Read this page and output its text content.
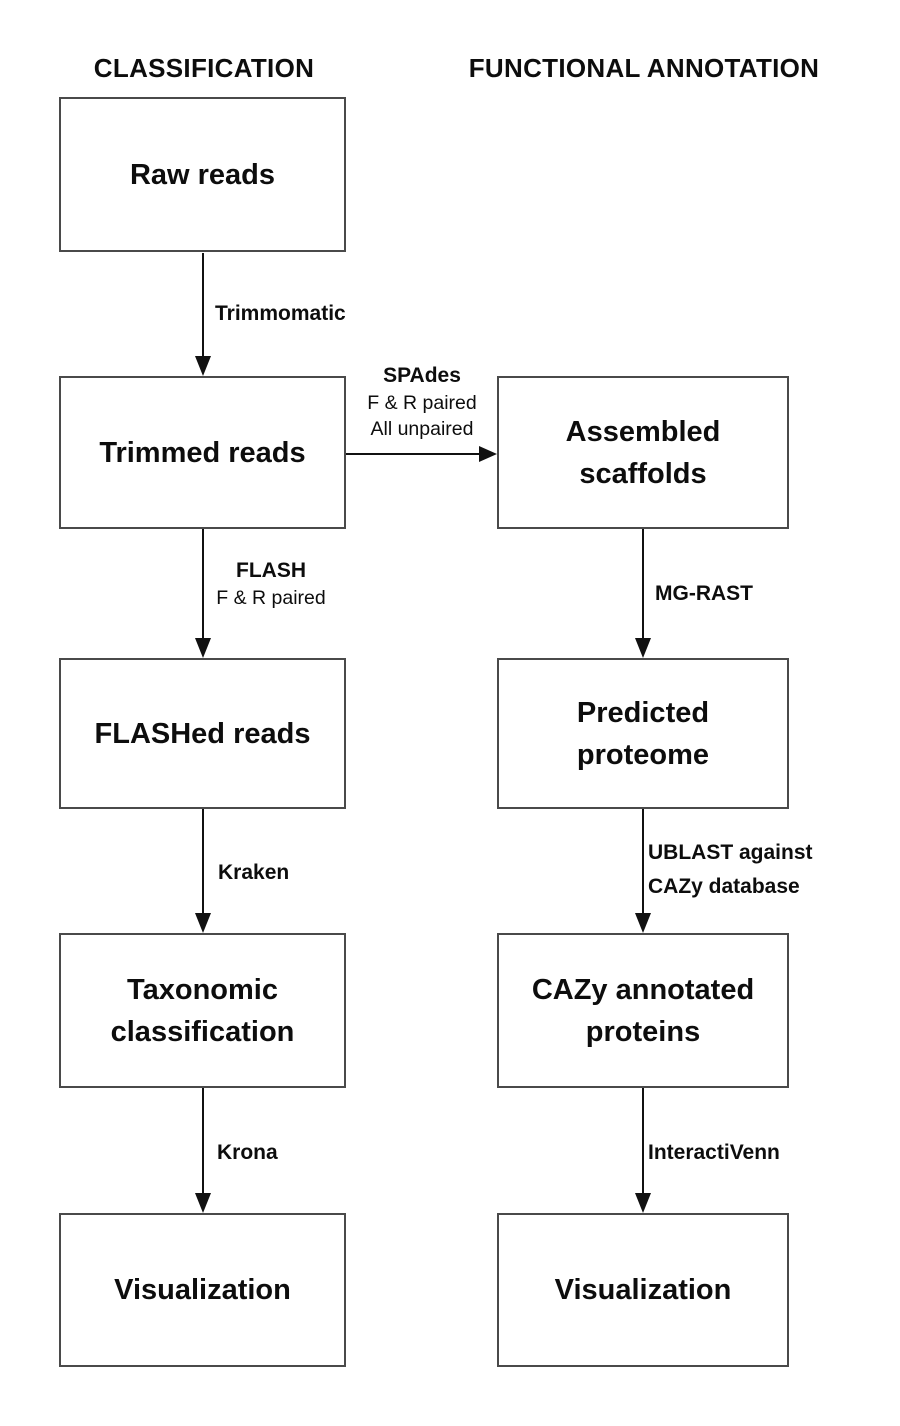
CLASSIFICATION	FUNCTIONAL ANNOTATION
Raw reads
Trimmed reads
FLASHed reads
Taxonomic classification
Visualization
Assembled scaffolds
Predicted proteome
CAZy annotated proteins
Visualization
Trimmomatic
SPAdes
F & R paired
All unpaired
FLASH
F & R paired	MG-RAST
Kraken
UBLAST against
CAZy database
Krona	InteractiVenn
